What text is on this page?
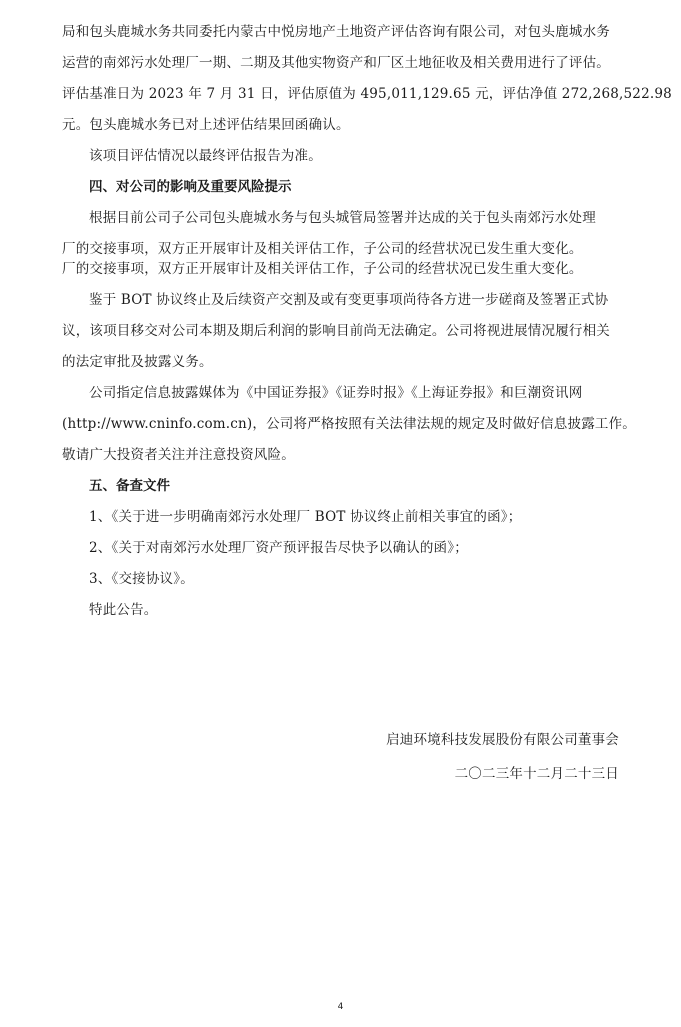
局和包头鹿城水务共同委托内蒙古中悦房地产土地资产评估咨询有限公司，对包头鹿城水务
运营的南郊污水处理厂一期、二期及其他实物资产和厂区土地征收及相关费用进行了评估。
评估基准日为 2023 年 7 月 31 日，评估原值为 495,011,129.65 元，评估净值 272,268,522.98
元。包头鹿城水务已对上述评估结果回函确认。
该项目评估情况以最终评估报告为准。
四、对公司的影响及重要风险提示
根据目前公司子公司包头鹿城水务与包头城管局签署并达成的关于包头南郊污水处理
厂的交接事项，双方正开展审计及相关评估工作，子公司的经营状况已发生重大变化。
厂的交接事项，双方正开展审计及相关评估工作，子公司的经营状况已发生重大变化。
鉴于 BOT 协议终止及后续资产交割及或有变更事项尚待各方进一步磋商及签署正式协
议，该项目移交对公司本期及期后利润的影响目前尚无法确定。公司将视进展情况履行相关
的法定审批及披露义务。
公司指定信息披露媒体为《中国证券报》《证券时报》《上海证券报》和巨潮资讯网
(http://www.cninfo.com.cn)，公司将严格按照有关法律法规的规定及时做好信息披露工作。
敬请广大投资者关注并注意投资风险。
五、备查文件
1、《关于进一步明确南郊污水处理厂 BOT 协议终止前相关事宜的函》；
2、《关于对南郊污水处理厂资产预评报告尽快予以确认的函》；
3、《交接协议》。
特此公告。
启迪环境科技发展股份有限公司董事会
二〇二三年十二月二十三日
4
